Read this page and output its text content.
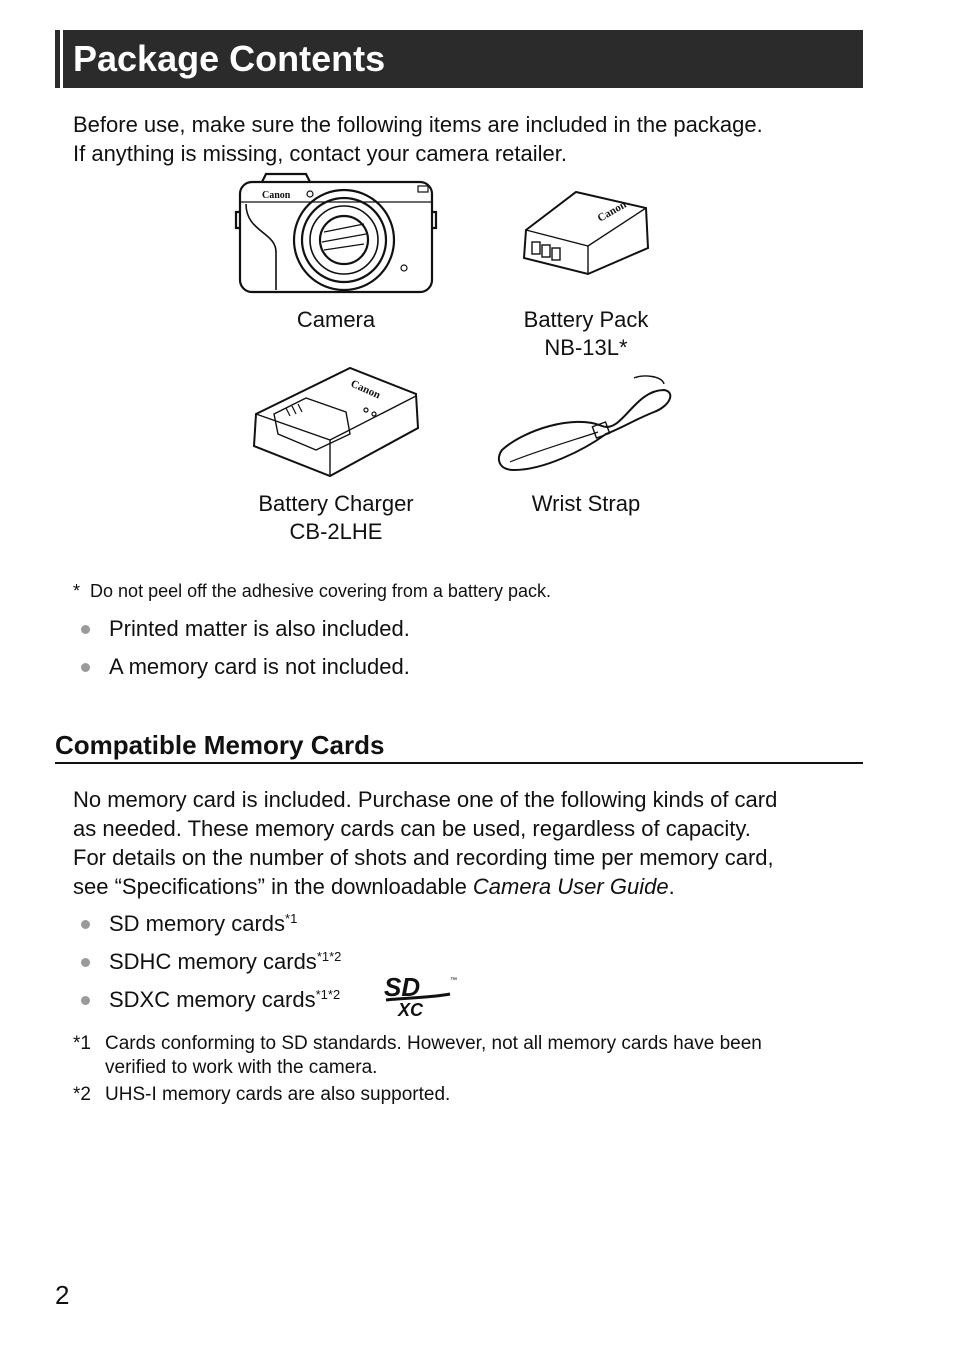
Package Contents

Before use, make sure the following items are included in the package.

If anything is missing, contact your camera retailer.

Canon
Camera
Canon
Battery Pack
NB-13L*
Canon
Battery Charger
CB-2LHE
Wrist Strap
* Do not peel off the adhesive covering from a battery pack.
Printed matter is also included.
A memory card is not included.
Compatible Memory Cards

No memory card is included. Purchase one of the following kinds of card
as needed. These memory cards can be used, regardless of capacity.
For details on the number of shots and recording time per memory card,
see “Specifications” in the downloadable Camera User Guide.

SD memory cards$^{*1}$
SDHC memory cards$^{*1*2}$
SDXC memory cards$^{*1*2}$ SD
XC
™
*1 Cards conforming to SD standards. However, not all memory cards have been
verified to work with the camera.
*2 UHS-I memory cards are also supported.
2
